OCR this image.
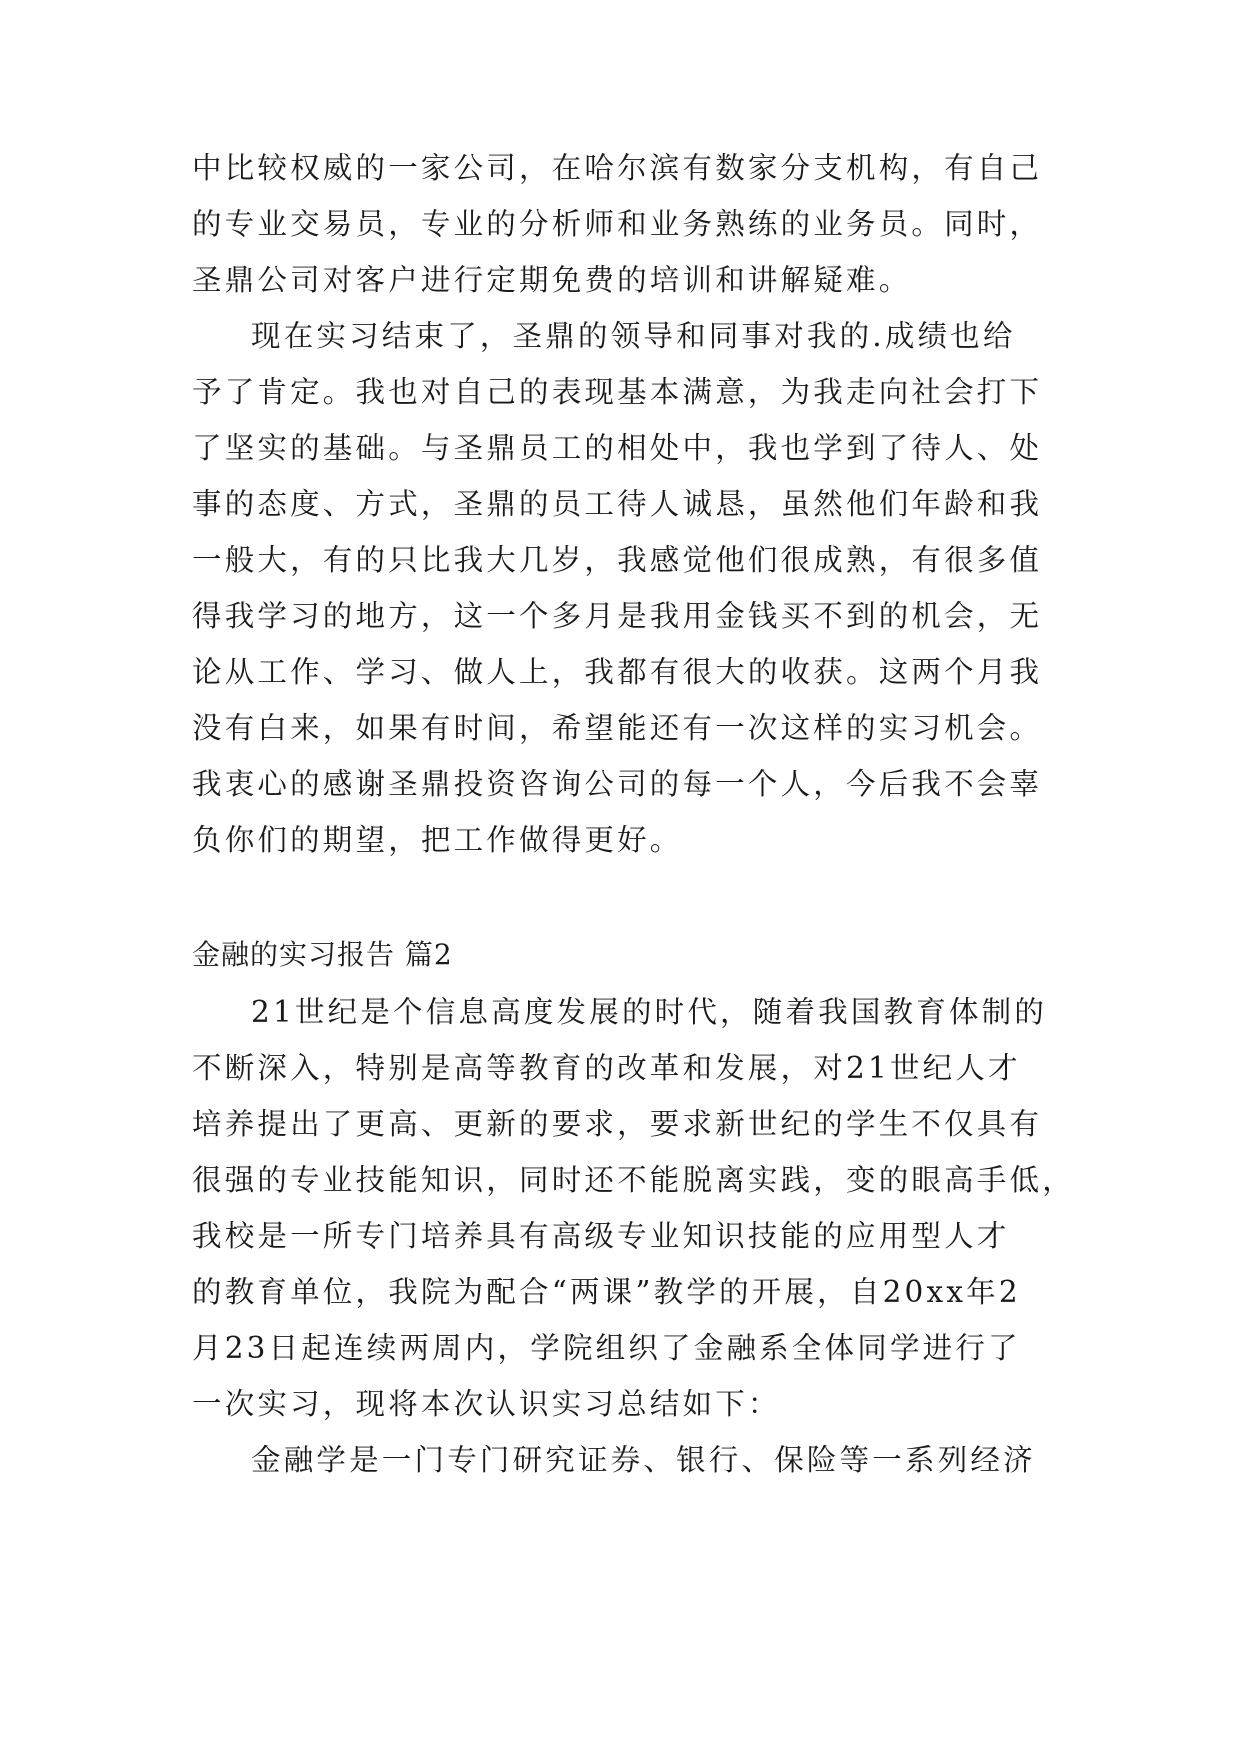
中比较权威的一家公司，在哈尔滨有数家分支机构，有自己
的专业交易员，专业的分析师和业务熟练的业务员。同时，
圣鼎公司对客户进行定期免费的培训和讲解疑难。
现在实习结束了，圣鼎的领导和同事对我的.成绩也给
予了肯定。我也对自己的表现基本满意，为我走向社会打下
了坚实的基础。与圣鼎员工的相处中，我也学到了待人、处
事的态度、方式，圣鼎的员工待人诚恳，虽然他们年龄和我
一般大，有的只比我大几岁，我感觉他们很成熟，有很多值
得我学习的地方，这一个多月是我用金钱买不到的机会，无
论从工作、学习、做人上，我都有很大的收获。这两个月我
没有白来，如果有时间，希望能还有一次这样的实习机会。
我衷心的感谢圣鼎投资咨询公司的每一个人，今后我不会辜
负你们的期望，把工作做得更好。
金融的实习报告 篇2
21世纪是个信息高度发展的时代，随着我国教育体制的
不断深入，特别是高等教育的改革和发展，对21世纪人才
培养提出了更高、更新的要求，要求新世纪的学生不仅具有
很强的专业技能知识，同时还不能脱离实践，变的眼高手低，
我校是一所专门培养具有高级专业知识技能的应用型人才
的教育单位，我院为配合“两课”教学的开展，自20xx年2
月23日起连续两周内，学院组织了金融系全体同学进行了
一次实习，现将本次认识实习总结如下：
金融学是一门专门研究证券、银行、保险等一系列经济
